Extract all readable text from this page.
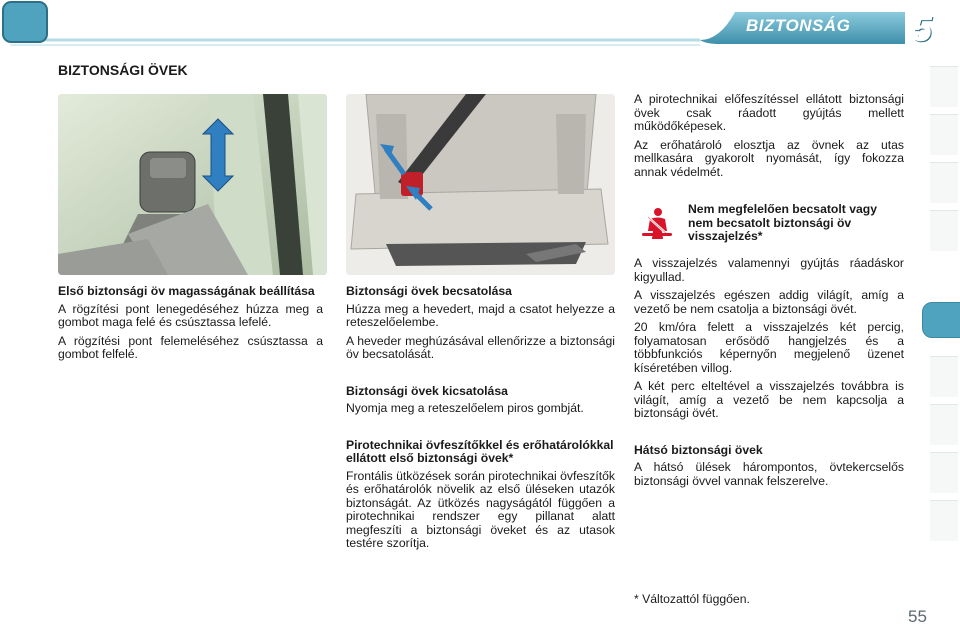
BIZTONSÁG 5
BIZTONSÁGI ÖVEK
Első biztonsági öv magasságának beállítása

A rögzítési pont lenegedéséhez húzza meg a gombot maga felé és csúsztassa lefelé.

A rögzítési pont felemeléséhez csúsztassa a gombot felfelé.

Biztonsági övek becsatolása

Húzza meg a hevedert, majd a csatot helyezze a reteszelőelembe.

A heveder meghúzásával ellenőrizze a biztonsági öv becsatolását.

Biztonsági övek kicsatolása

Nyomja meg a reteszelőelem piros gombját.

Pirotechnikai övfeszítőkkel és erőhatárolókkal ellátott első biztonsági övek*

Frontális ütközések során pirotechnikai övfeszítők és erőhatárolók növelik az első üléseken utazók biztonságát. Az ütközés nagyságától függően a pirotechnikai rendszer egy pillanat alatt megfeszíti a biztonsági öveket és az utasok testére szorítja.

A pirotechnikai előfeszítéssel ellátott biztonsági övek csak ráadott gyújtás mellett működőképesek.

Az erőhatároló elosztja az övnek az utas mellkasára gyakorolt nyomását, így fokozza annak védelmét.

Nem megfelelően becsatolt vagy nem becsatolt biztonsági öv visszajelzés*

A visszajelzés valamennyi gyújtás ráadáskor kigyullad.

A visszajelzés egészen addig világít, amíg a vezető be nem csatolja a biztonsági övét.

20 km/óra felett a visszajelzés két percig, folyamatosan erősödő hangjelzés és a többfunkciós képernyőn megjelenő üzenet kíséretében villog.

A két perc elteltével a visszajelzés továbbra is világít, amíg a vezető be nem kapcsolja a biztonsági övét.

Hátsó biztonsági övek

A hátsó ülések hárompontos, övtekercselős biztonsági övvel vannak felszerelve.

* Változattól függően.
55
